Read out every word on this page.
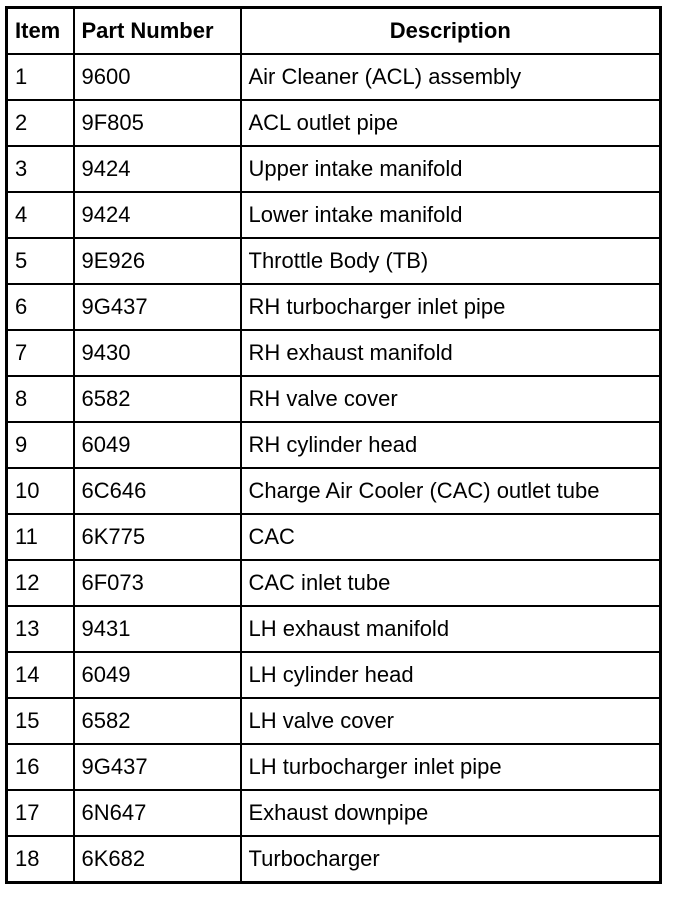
Item	Part Number	Description
1	9600	Air Cleaner (ACL) assembly
2	9F805	ACL outlet pipe
3	9424	Upper intake manifold
4	9424	Lower intake manifold
5	9E926	Throttle Body (TB)
6	9G437	RH turbocharger inlet pipe
7	9430	RH exhaust manifold
8	6582	RH valve cover
9	6049	RH cylinder head
10	6C646	Charge Air Cooler (CAC) outlet tube
11	6K775	CAC
12	6F073	CAC inlet tube
13	9431	LH exhaust manifold
14	6049	LH cylinder head
15	6582	LH valve cover
16	9G437	LH turbocharger inlet pipe
17	6N647	Exhaust downpipe
18	6K682	Turbocharger
